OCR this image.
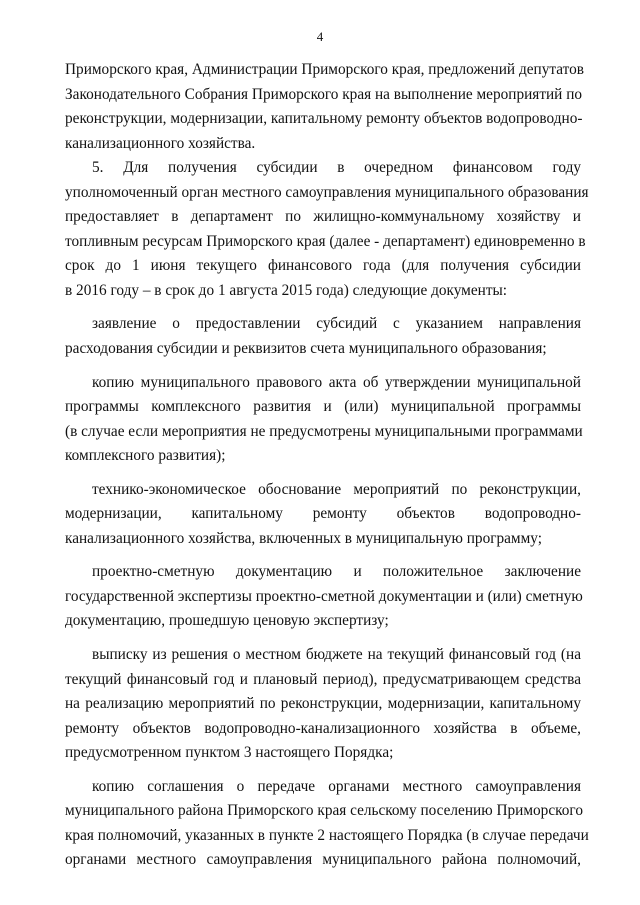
4
Приморского края, Администрации Приморского края, предложений депутатов
Законодательного Собрания Приморского края на выполнение мероприятий по
реконструкции, модернизации, капитальному ремонту объектов водопроводно-
канализационного хозяйства.
5. Для получения субсидии в очередном финансовом году
уполномоченный орган местного самоуправления муниципального образования
предоставляет в департамент по жилищно-коммунальному хозяйству и
топливным ресурсам Приморского края (далее - департамент) единовременно в
срок до 1 июня текущего финансового года (для получения субсидии
в 2016 году – в срок до 1 августа 2015 года) следующие документы:
заявление о предоставлении субсидий с указанием направления
расходования субсидии и реквизитов счета муниципального образования;
копию муниципального правового акта об утверждении муниципальной
программы комплексного развития и (или) муниципальной программы
(в случае если мероприятия не предусмотрены муниципальными программами
комплексного развития);
технико-экономическое обоснование мероприятий по реконструкции,
модернизации, капитальному ремонту объектов водопроводно-
канализационного хозяйства, включенных в муниципальную программу;
проектно-сметную документацию и положительное заключение
государственной экспертизы проектно-сметной документации и (или) сметную
документацию, прошедшую ценовую экспертизу;
выписку из решения о местном бюджете на текущий финансовый год (на
текущий финансовый год и плановый период), предусматривающем средства
на реализацию мероприятий по реконструкции, модернизации, капитальному
ремонту объектов водопроводно-канализационного хозяйства в объеме,
предусмотренном пунктом 3 настоящего Порядка;
копию соглашения о передаче органами местного самоуправления
муниципального района Приморского края сельскому поселению Приморского
края полномочий, указанных в пункте 2 настоящего Порядка (в случае передачи
органами местного самоуправления муниципального района полномочий,
